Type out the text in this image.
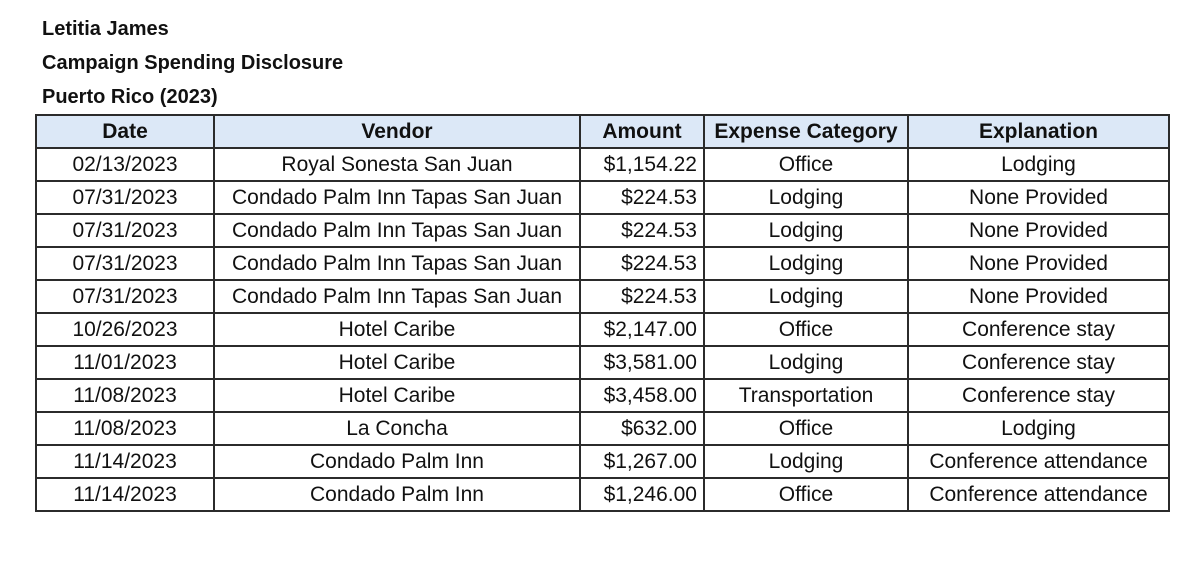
Letitia James
Campaign Spending Disclosure
Puerto Rico (2023)
Date	Vendor	Amount	Expense Category	Explanation
02/13/2023	Royal Sonesta San Juan	$1,154.22	Office	Lodging
07/31/2023	Condado Palm Inn Tapas San Juan	$224.53	Lodging	None Provided
07/31/2023	Condado Palm Inn Tapas San Juan	$224.53	Lodging	None Provided
07/31/2023	Condado Palm Inn Tapas San Juan	$224.53	Lodging	None Provided
07/31/2023	Condado Palm Inn Tapas San Juan	$224.53	Lodging	None Provided
10/26/2023	Hotel Caribe	$2,147.00	Office	Conference stay
11/01/2023	Hotel Caribe	$3,581.00	Lodging	Conference stay
11/08/2023	Hotel Caribe	$3,458.00	Transportation	Conference stay
11/08/2023	La Concha	$632.00	Office	Lodging
11/14/2023	Condado Palm Inn	$1,267.00	Lodging	Conference attendance
11/14/2023	Condado Palm Inn	$1,246.00	Office	Conference attendance
